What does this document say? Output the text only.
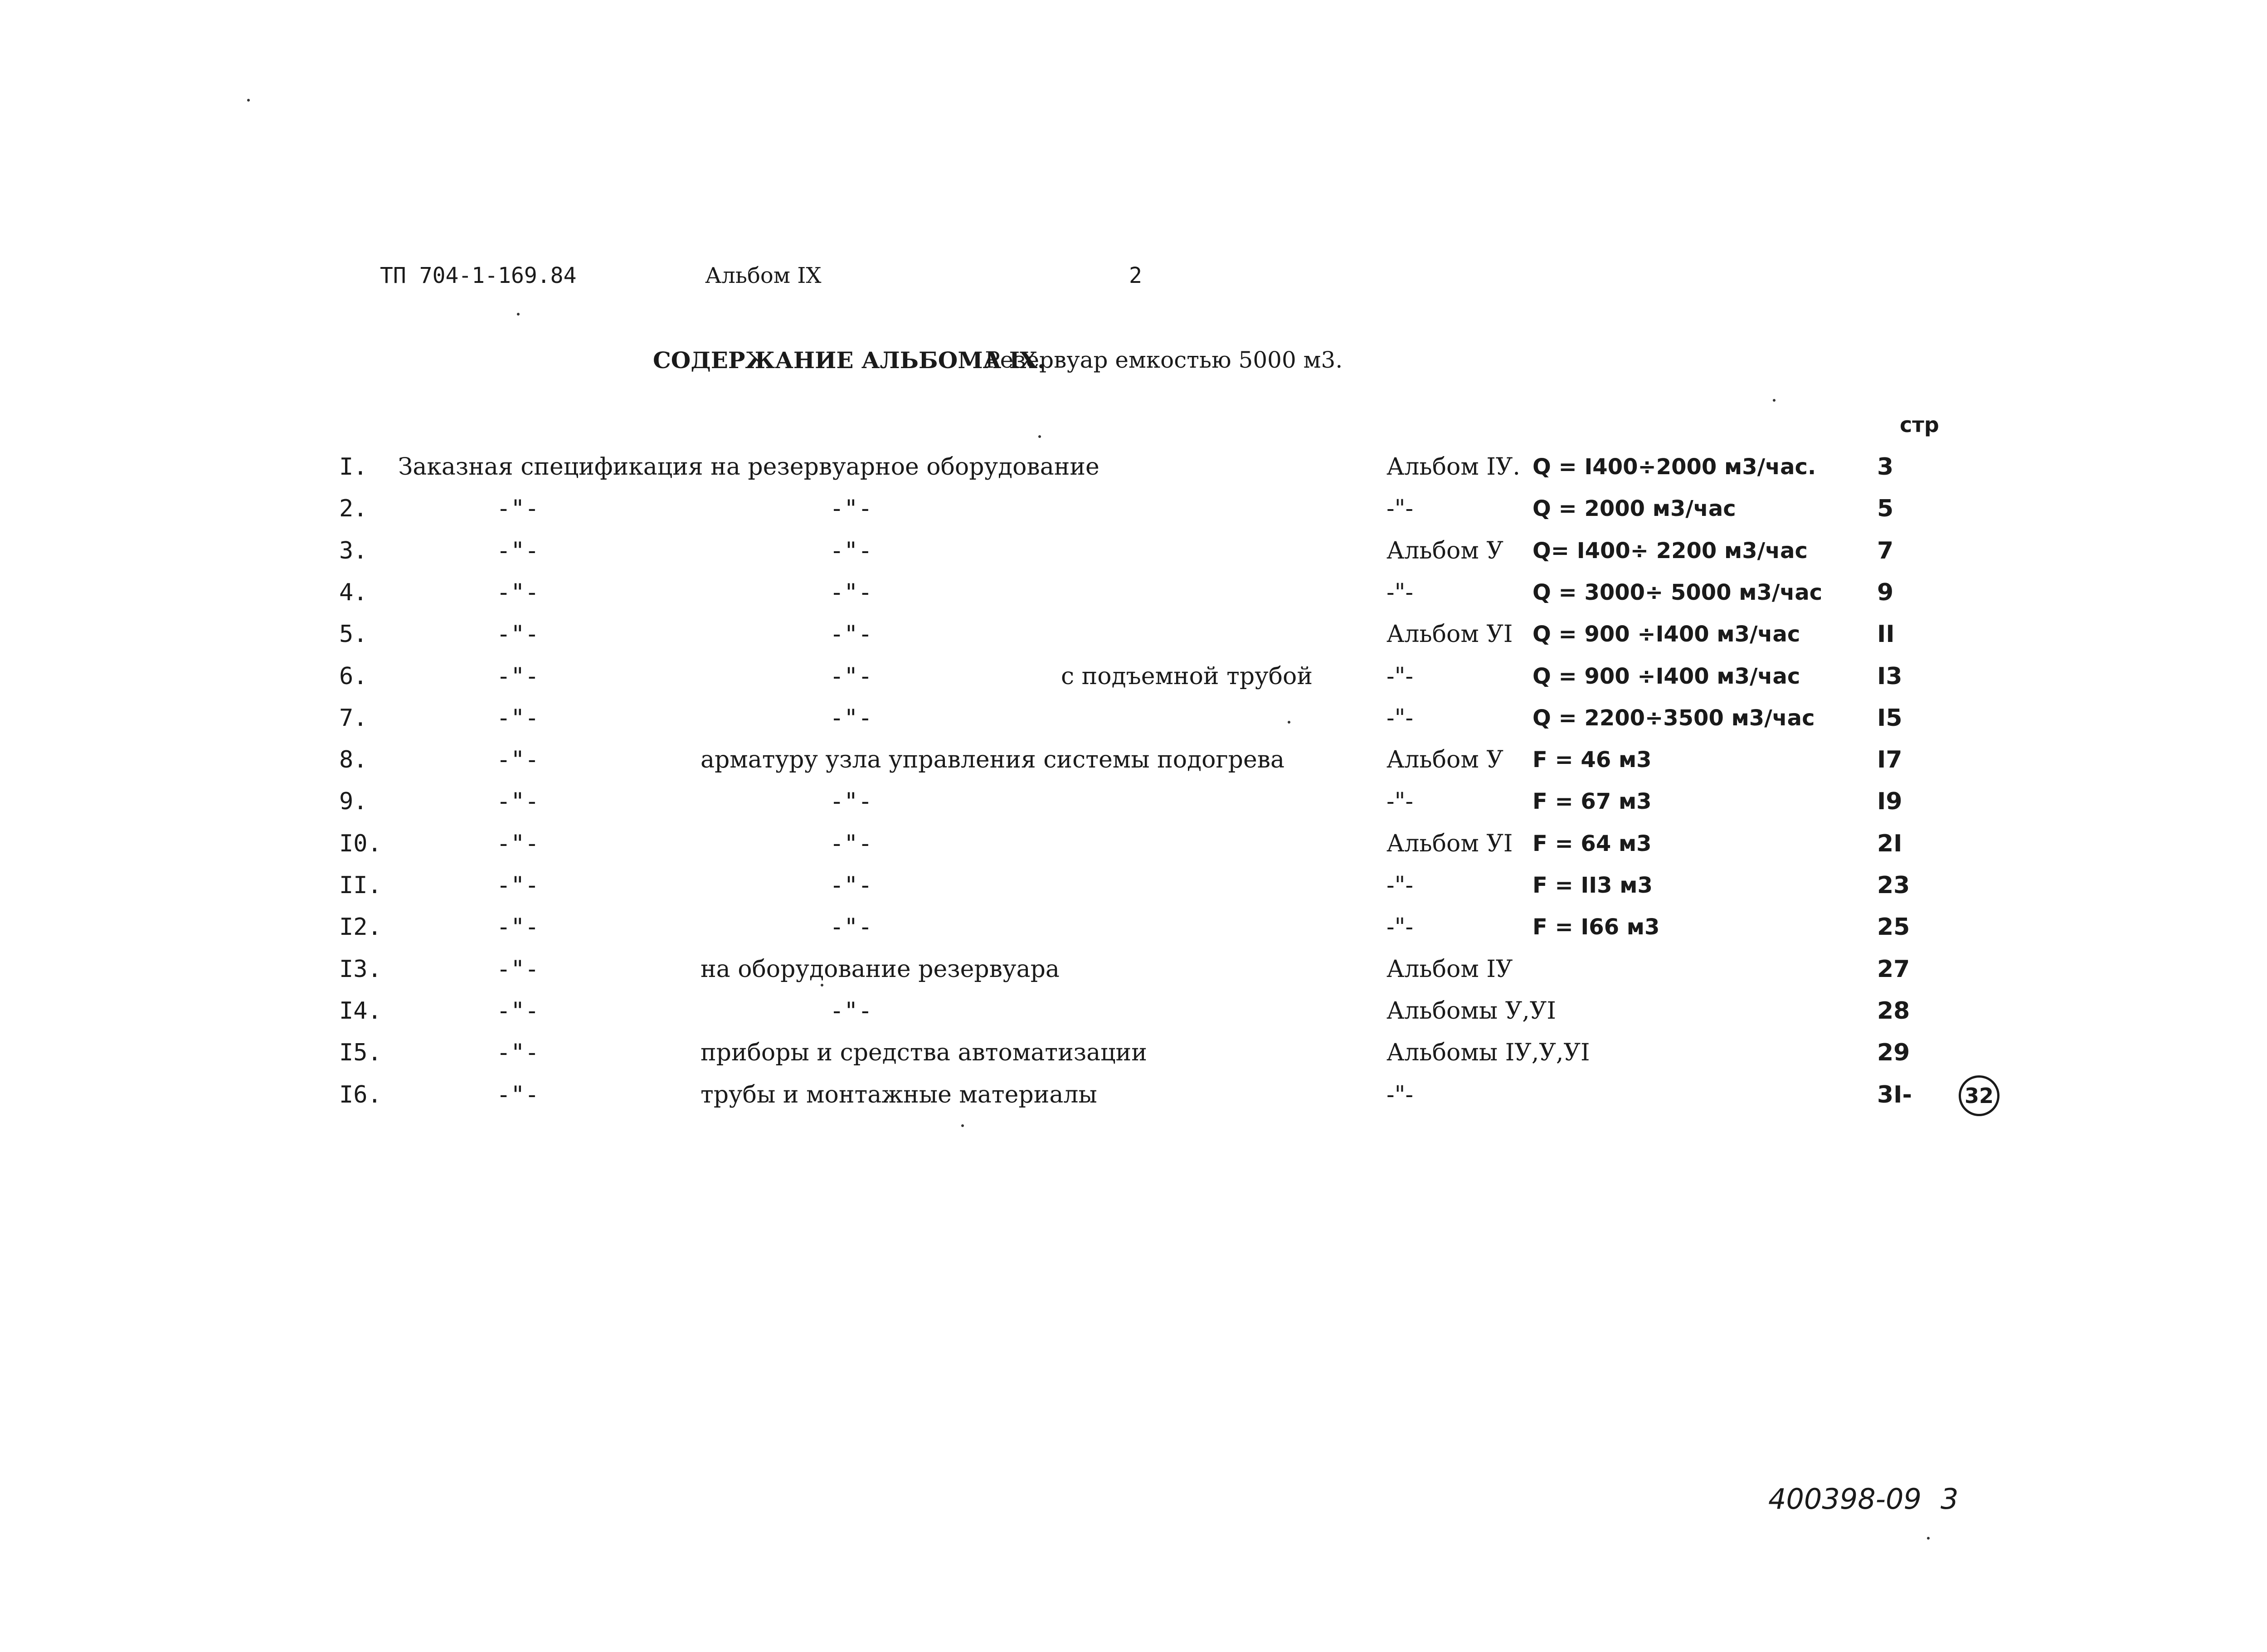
ТП 704-1-169.84	Альбом IX	2
СОДЕРЖАНИЕ АЛЬБОМА IX.
Резервуар емкостью 5000 м3.
стр
I. Заказная спецификация на резервуарное оборудование	Альбом IУ. Q = I400÷2000 м3/час.	3
2.	-"-	-"-	-"-	Q = 2000 м3/час	5
3.	-"-	-"-	Альбом У Q= I400÷ 2200 м3/час	7
4.	-"-	-"-	-"-	Q = 3000÷ 5000 м3/час 9
5.	-"-	-"-	Альбом УI Q = 900 ÷I400 м3/час	II
6.	-"-	-"-	с подъемной трубой	-"-	Q = 900 ÷I400 м3/час	I3
7.	-"-	-"-	-"-	Q = 2200÷3500 м3/час	I5
8.	-"-	арматуру узла управления системы подогрева	Альбом У F = 46 м3	I7
9.	-"-	-"-	-"-	F = 67 м3	I9
I0.	-"-	-"-	Альбом УI F = 64 м3	2I
II.	-"-	-"-	-"-	F = II3 м3	23
I2.	-"-	-"-	-"-	F = I66 м3	25
I3.	-"-	на оборудование резервуара	Альбом IУ	27
I4.	-"-	-"-	Альбомы У,УI	28
I5.	-"-	приборы и средства автоматизации	Альбомы IУ,У,УI	29
I6.	-"-	трубы и монтажные материалы	-"-	3I-	32
400398-09 3
